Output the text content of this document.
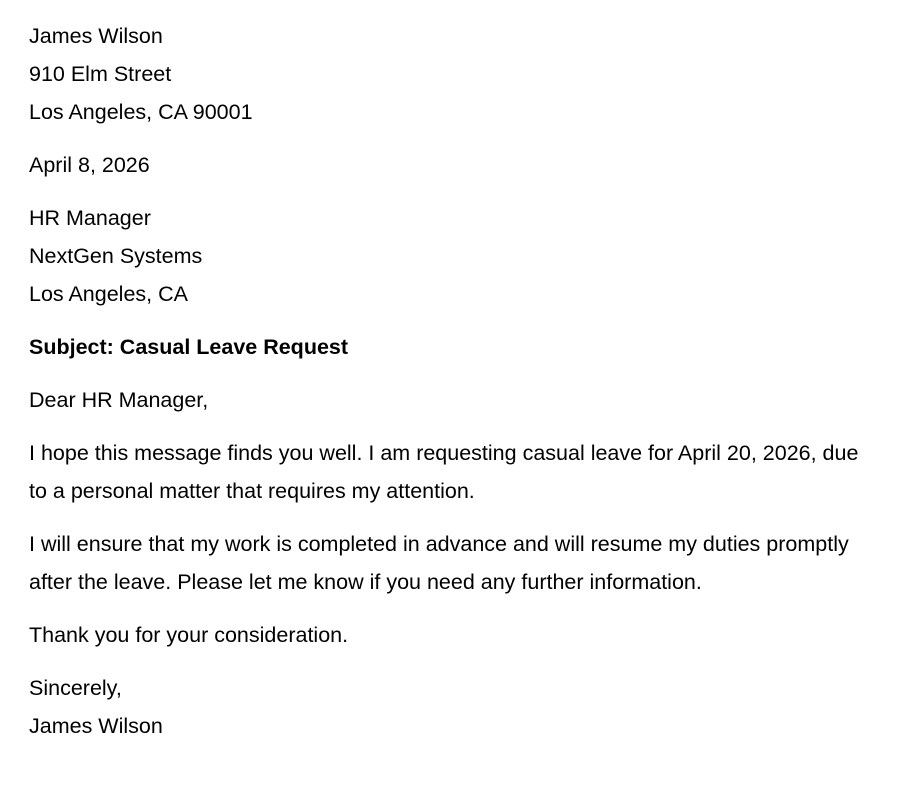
James Wilson
910 Elm Street
Los Angeles, CA 90001
April 8, 2026
HR Manager
NextGen Systems
Los Angeles, CA
Subject: Casual Leave Request
Dear HR Manager,

I hope this message finds you well. I am requesting casual leave for April 20, 2026, due to a personal matter that requires my attention.

I will ensure that my work is completed in advance and will resume my duties promptly after the leave. Please let me know if you need any further information.

Thank you for your consideration.

Sincerely,
James Wilson
